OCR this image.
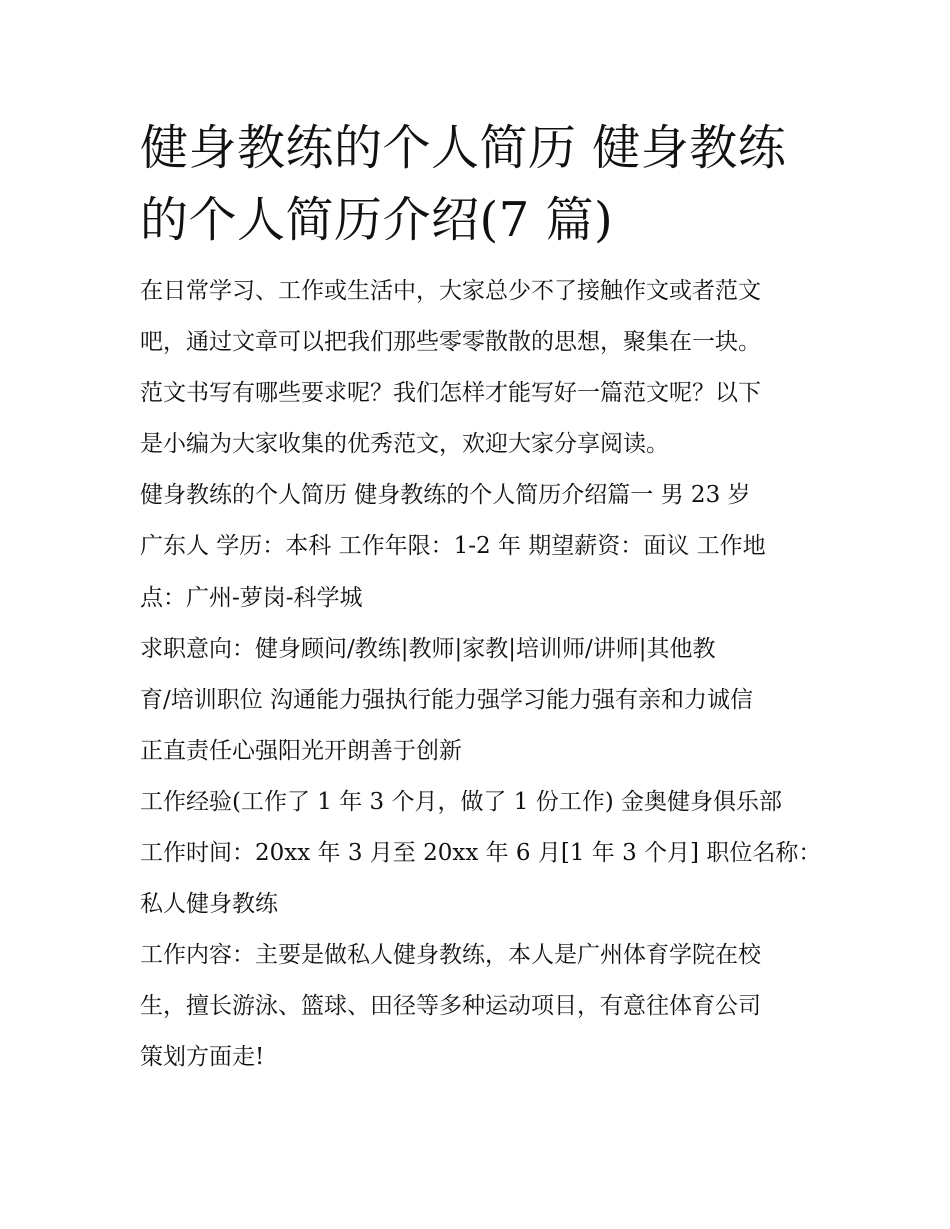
健身教练的个人简历 健身教练
的个人简历介绍(7 篇)
在日常学习、工作或生活中，大家总少不了接触作文或者范文
吧，通过文章可以把我们那些零零散散的思想，聚集在一块。
范文书写有哪些要求呢？我们怎样才能写好一篇范文呢？以下
是小编为大家收集的优秀范文，欢迎大家分享阅读。
健身教练的个人简历 健身教练的个人简历介绍篇一 男 23 岁
广东人 学历：本科 工作年限：1-2 年 期望薪资：面议 工作地
点：广州-萝岗-科学城
求职意向：健身顾问/教练|教师|家教|培训师/讲师|其他教
育/培训职位 沟通能力强执行能力强学习能力强有亲和力诚信
正直责任心强阳光开朗善于创新
工作经验(工作了 1 年 3 个月，做了 1 份工作) 金奥健身俱乐部
工作时间：20xx 年 3 月至 20xx 年 6 月[1 年 3 个月] 职位名称：
私人健身教练
工作内容：主要是做私人健身教练，本人是广州体育学院在校
生，擅长游泳、篮球、田径等多种运动项目，有意往体育公司
策划方面走!
